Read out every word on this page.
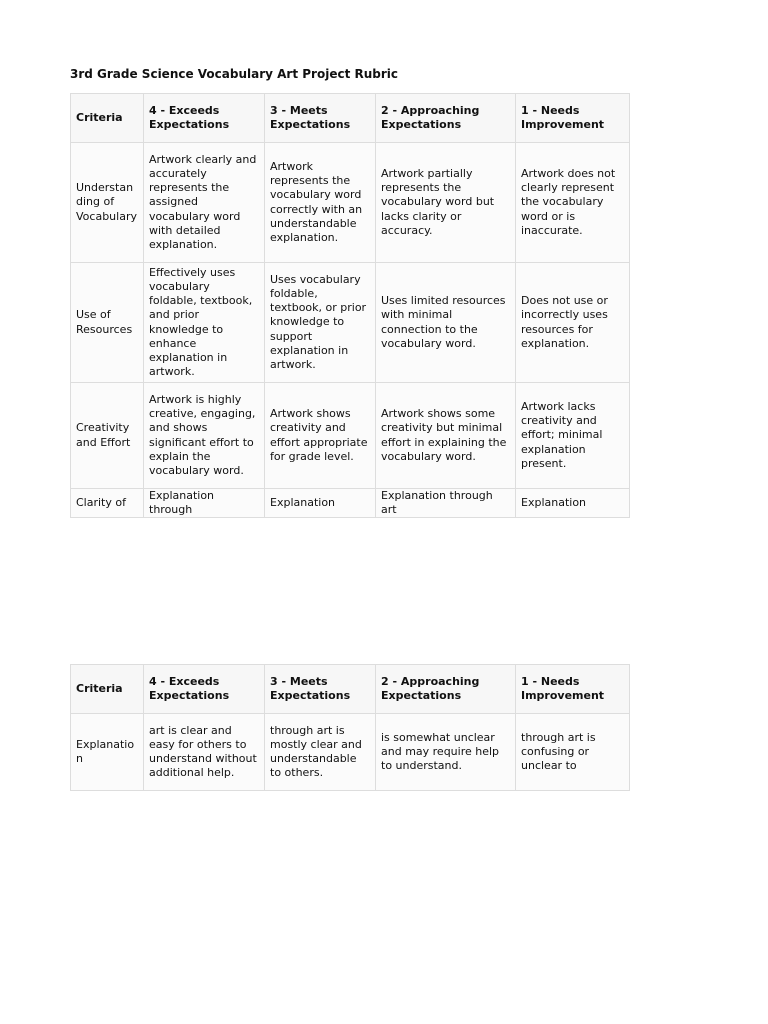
3rd Grade Science Vocabulary Art Project Rubric
Criteria	4 - Exceeds Expectations	3 - Meets Expectations	2 - Approaching Expectations	1 - Needs Improvement
Understan ding of Vocabulary	Artwork clearly and accurately represents the assigned vocabulary word with detailed explanation.	Artwork represents the vocabulary word correctly with an understandable explanation.	Artwork partially represents the vocabulary word but lacks clarity or accuracy.	Artwork does not clearly represent the vocabulary word or is inaccurate.
Use of Resources	Effectively uses vocabulary foldable, textbook, and prior knowledge to enhance explanation in artwork.	Uses vocabulary foldable, textbook, or prior knowledge to support explanation in artwork.	Uses limited resources with minimal connection to the vocabulary word.	Does not use or incorrectly uses resources for explanation.
Creativity and Effort	Artwork is highly creative, engaging, and shows significant effort to explain the vocabulary word.	Artwork shows creativity and effort appropriate for grade level.	Artwork shows some creativity but minimal effort in explaining the vocabulary word.	Artwork lacks creativity and effort; minimal explanation present.
Clarity of	Explanation through	Explanation	Explanation through art	Explanation
Criteria	4 - Exceeds Expectations	3 - Meets Expectations	2 - Approaching Expectations	1 - Needs Improvement
Explanatio n	art is clear and easy for others to understand without additional help.	through art is mostly clear and understandable to others.	is somewhat unclear and may require help to understand.	through art is confusing or unclear to
